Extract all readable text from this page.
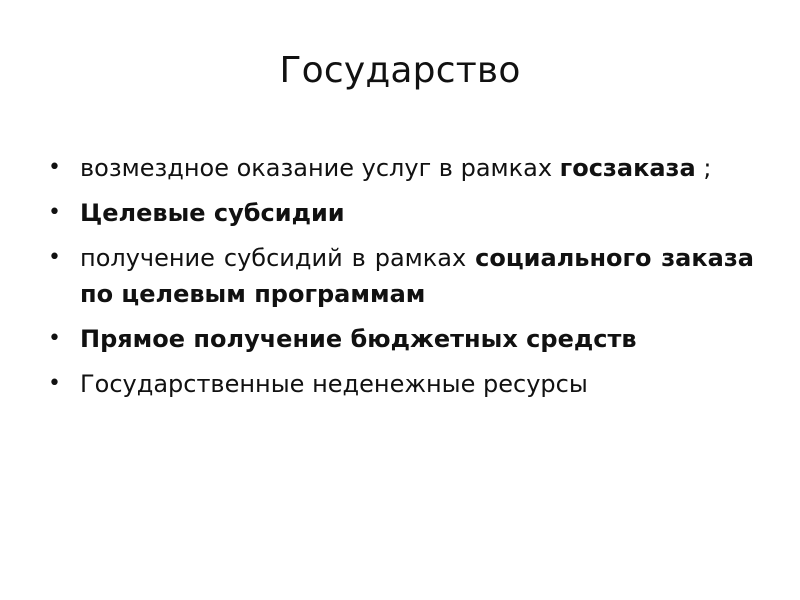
Государство
• возмездное оказание услуг в рамках госзаказа ;
• Целевые субсидии
• получение субсидий в рамках социального заказа по целевым программам
• Прямое получение бюджетных средств
• Государственные неденежные ресурсы
